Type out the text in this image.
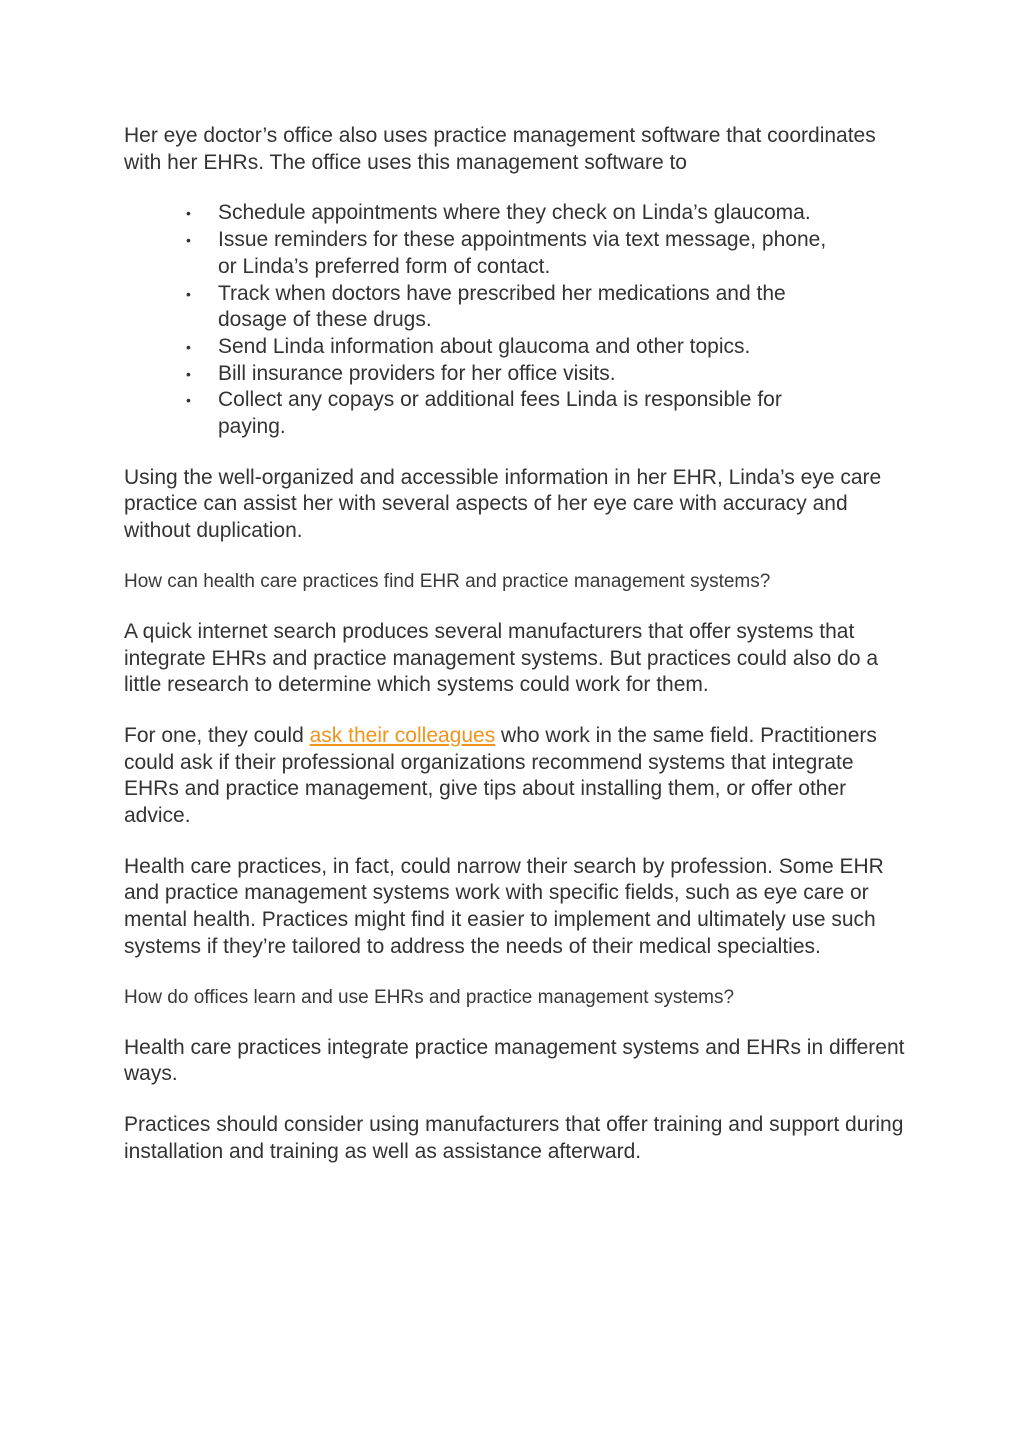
Her eye doctor’s office also uses practice management software that coordinates with her EHRs. The office uses this management software to

• Schedule appointments where they check on Linda’s glaucoma.
• Issue reminders for these appointments via text message, phone, or Linda’s preferred form of contact.
• Track when doctors have prescribed her medications and the dosage of these drugs.
• Send Linda information about glaucoma and other topics.
• Bill insurance providers for her office visits.
• Collect any copays or additional fees Linda is responsible for paying.

Using the well-organized and accessible information in her EHR, Linda’s eye care practice can assist her with several aspects of her eye care with accuracy and without duplication.

How can health care practices find EHR and practice management systems?

A quick internet search produces several manufacturers that offer systems that integrate EHRs and practice management systems. But practices could also do a little research to determine which systems could work for them.

For one, they could ask their colleagues who work in the same field. Practitioners could ask if their professional organizations recommend systems that integrate EHRs and practice management, give tips about installing them, or offer other advice.

Health care practices, in fact, could narrow their search by profession. Some EHR and practice management systems work with specific fields, such as eye care or mental health. Practices might find it easier to implement and ultimately use such systems if they’re tailored to address the needs of their medical specialties.

How do offices learn and use EHRs and practice management systems?

Health care practices integrate practice management systems and EHRs in different ways.

Practices should consider using manufacturers that offer training and support during installation and training as well as assistance afterward.
